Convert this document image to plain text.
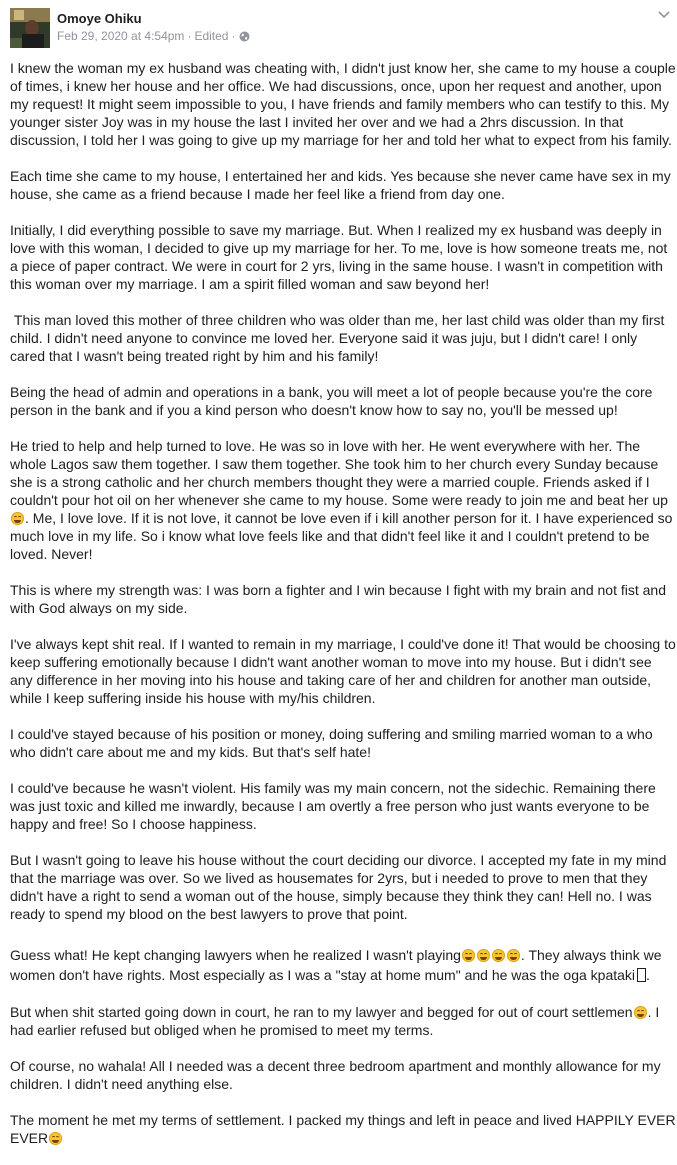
Omoye Ohiku
Feb 29, 2020 at 4:54pm · Edited ·

I knew the woman my ex husband was cheating with, I didn't just know her, she came to my house a couple of times, i knew her house and her office. We had discussions, once, upon her request and another, upon my request! It might seem impossible to you, I have friends and family members who can testify to this. My younger sister Joy was in my house the last I invited her over and we had a 2hrs discussion. In that discussion, I told her I was going to give up my marriage for her and told her what to expect from his family.

Each time she came to my house, I entertained her and kids. Yes because she never came have sex in my house, she came as a friend because I made her feel like a friend from day one.

Initially, I did everything possible to save my marriage. But. When I realized my ex husband was deeply in love with this woman, I decided to give up my marriage for her. To me, love is how someone treats me, not a piece of paper contract. We were in court for 2 yrs, living in the same house. I wasn't in competition with this woman over my marriage. I am a spirit filled woman and saw beyond her!

This man loved this mother of three children who was older than me, her last child was older than my first child. I didn't need anyone to convince me loved her. Everyone said it was juju, but I didn't care! I only cared that I wasn't being treated right by him and his family!

Being the head of admin and operations in a bank, you will meet a lot of people because you're the core person in the bank and if you a kind person who doesn't know how to say no, you'll be messed up!

He tried to help and help turned to love. He was so in love with her. He went everywhere with her. The whole Lagos saw them together. I saw them together. She took him to her church every Sunday because she is a strong catholic and her church members thought they were a married couple. Friends asked if I couldn't pour hot oil on her whenever she came to my house. Some were ready to join me and beat her up
. Me, I love love. If it is not love, it cannot be love even if i kill another person for it. I have experienced so much love in my life. So i know what love feels like and that didn't feel like it and I couldn't pretend to be loved. Never!

This is where my strength was: I was born a fighter and I win because I fight with my brain and not fist and with God always on my side.

I've always kept shit real. If I wanted to remain in my marriage, I could've done it! That would be choosing to keep suffering emotionally because I didn't want another woman to move into my house. But i didn't see any difference in her moving into his house and taking care of her and children for another man outside, while I keep suffering inside his house with my/his children.

I could've stayed because of his position or money, doing suffering and smiling married woman to a who who didn't care about me and my kids. But that's self hate!

I could've because he wasn't violent. His family was my main concern, not the sidechic. Remaining there was just toxic and killed me inwardly, because I am overtly a free person who just wants everyone to be happy and free! So I choose happiness.

But I wasn't going to leave his house without the court deciding our divorce. I accepted my fate in my mind that the marriage was over. So we lived as housemates for 2yrs, but i needed to prove to men that they didn't have a right to send a woman out of the house, simply because they think they can! Hell no. I was ready to spend my blood on the best lawyers to prove that point.

Guess what! He kept changing lawyers when he realized I wasn't playing	. They always think we women don't have rights. Most especially as I was a "stay at home mum" and he was the oga kpataki .

But when shit started going down in court, he ran to my lawyer and begged for out of court settlemen . I had earlier refused but obliged when he promised to meet my terms.

Of course, no wahala! All I needed was a decent three bedroom apartment and monthly allowance for my children. I didn't need anything else.

The moment he met my terms of settlement. I packed my things and left in peace and lived HAPPILY EVER EVER
